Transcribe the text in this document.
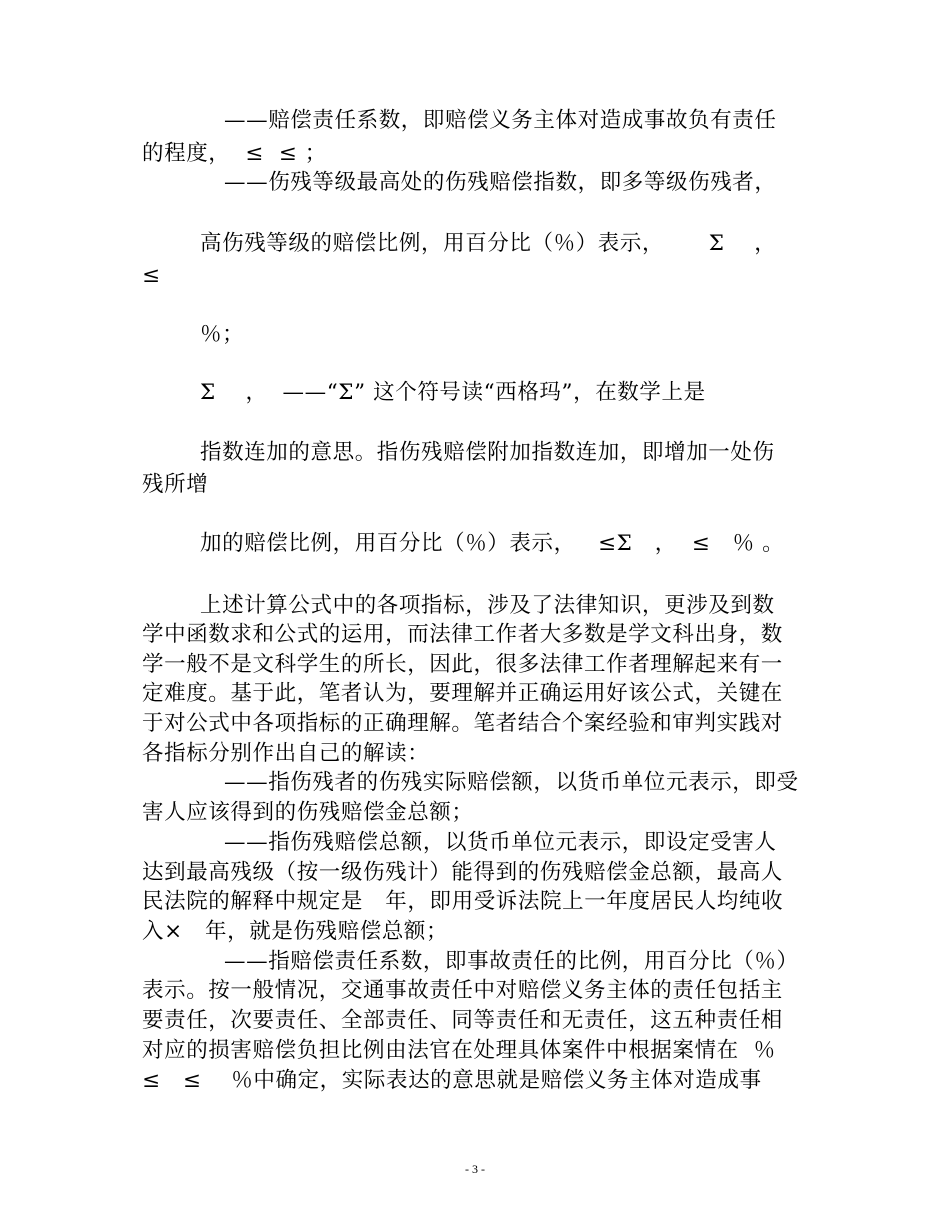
——赔偿责任系数，即赔偿义务主体对造成事故负有责任
的程度，  ≤  ≤ ；
——伤残等级最高处的伤残赔偿指数，即多等级伤残者，
高伤残等级的赔偿比例，用百分比（％）表示，      Σ    ，
≤
％；
Σ    ，  ——“Σ” 这个符号读“西格玛”，在数学上是
指数连加的意思。指伤残赔偿附加指数连加，即增加一处伤
残所增
加的赔偿比例，用百分比（％）表示，   ≤Σ   ，  ≤   ％ 。
上述计算公式中的各项指标，涉及了法律知识，更涉及到数
学中函数求和公式的运用，而法律工作者大多数是学文科出身，数
学一般不是文科学生的所长，因此，很多法律工作者理解起来有一
定难度。基于此，笔者认为，要理解并正确运用好该公式，关键在
于对公式中各项指标的正确理解。笔者结合个案经验和审判实践对
各指标分别作出自己的解读：
——指伤残者的伤残实际赔偿额，以货币单位元表示，即受
害人应该得到的伤残赔偿金总额；
——指伤残赔偿总额，以货币单位元表示，即设定受害人
达到最高残级（按一级伤残计）能得到的伤残赔偿金总额，最高人
民法院的解释中规定是   年，即用受诉法院上一年度居民人均纯收
入×   年，就是伤残赔偿总额；
——指赔偿责任系数，即事故责任的比例，用百分比（％）
表示。按一般情况，交通事故责任中对赔偿义务主体的责任包括主
要责任，次要责任、全部责任、同等责任和无责任，这五种责任相
对应的损害赔偿负担比例由法官在处理具体案件中根据案情在  ％
≤   ≤    ％中确定，实际表达的意思就是赔偿义务主体对造成事
- 3 -
